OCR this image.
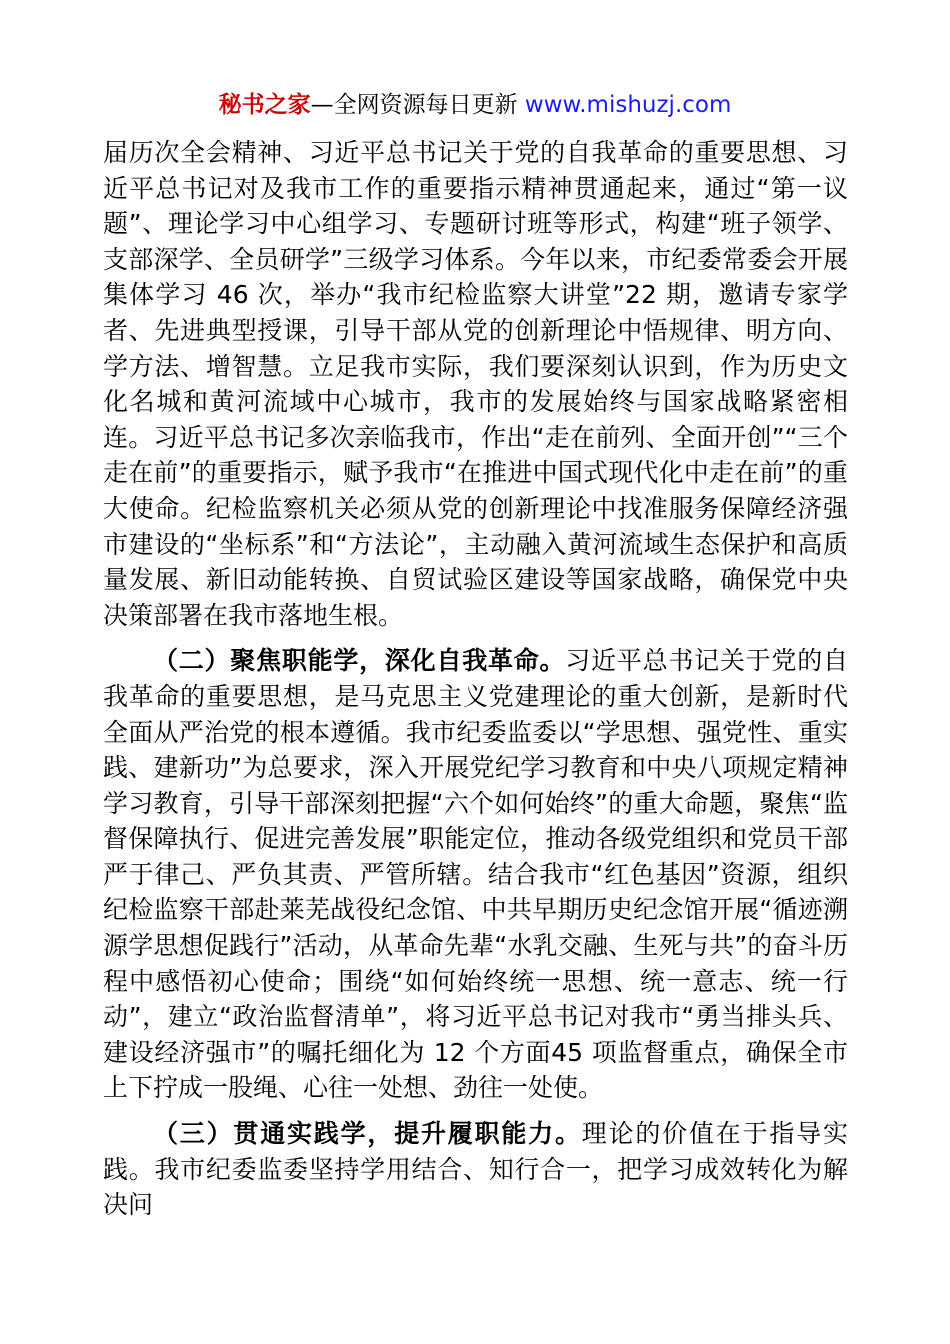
秘书之家—全网资源每日更新 www.mishuzj.com

届历次全会精神、习近平总书记关于党的自我革命的重要思想、习近平总书记对及我市工作的重要指示精神贯通起来，通过“第一议题”、理论学习中心组学习、专题研讨班等形式，构建“班子领学、支部深学、全员研学”三级学习体系。今年以来，市纪委常委会开展集体学习 46 次，举办“我市纪检监察大讲堂”22 期，邀请专家学者、先进典型授课，引导干部从党的创新理论中悟规律、明方向、学方法、增智慧。立足我市实际，我们要深刻认识到，作为历史文化名城和黄河流域中心城市，我市的发展始终与国家战略紧密相连。习近平总书记多次亲临我市，作出“走在前列、全面开创”“三个走在前”的重要指示，赋予我市“在推进中国式现代化中走在前”的重大使命。纪检监察机关必须从党的创新理论中找准服务保障经济强市建设的“坐标系”和“方法论”，主动融入黄河流域生态保护和高质量发展、新旧动能转换、自贸试验区建设等国家战略，确保党中央决策部署在我市落地生根。

（二）聚焦职能学，深化自我革命。习近平总书记关于党的自我革命的重要思想，是马克思主义党建理论的重大创新，是新时代全面从严治党的根本遵循。我市纪委监委以“学思想、强党性、重实践、建新功”为总要求，深入开展党纪学习教育和中央八项规定精神学习教育，引导干部深刻把握“六个如何始终”的重大命题，聚焦“监督保障执行、促进完善发展”职能定位，推动各级党组织和党员干部严于律己、严负其责、严管所辖。结合我市“红色基因”资源，组织纪检监察干部赴莱芜战役纪念馆、中共早期历史纪念馆开展“循迹溯源学思想促践行”活动，从革命先辈“水乳交融、生死与共”的奋斗历程中感悟初心使命；围绕“如何始终统一思想、统一意志、统一行动”，建立“政治监督清单”，将习近平总书记对我市“勇当排头兵、建设经济强市”的嘱托细化为 12 个方面45 项监督重点，确保全市上下拧成一股绳、心往一处想、劲往一处使。

（三）贯通实践学，提升履职能力。理论的价值在于指导实践。我市纪委监委坚持学用结合、知行合一，把学习成效转化为解决问
